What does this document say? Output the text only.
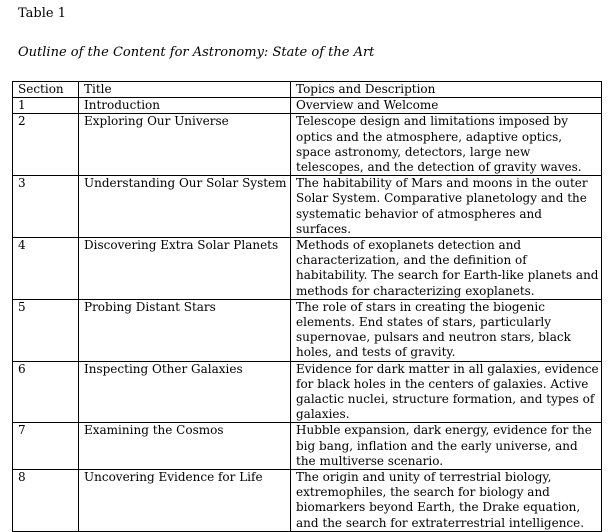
Table 1
Outline of the Content for Astronomy: State of the Art
Section	Title	Topics and Description
1	Introduction	Overview and Welcome
2	Exploring Our Universe	Telescope design and limitations imposed by optics and the atmosphere, adaptive optics, space astronomy, detectors, large new telescopes, and the detection of gravity waves.
3	Understanding Our Solar System	The habitability of Mars and moons in the outer Solar System. Comparative planetology and the systematic behavior of atmospheres and surfaces.
4	Discovering Extra Solar Planets	Methods of exoplanets detection and characterization, and the definition of habitability. The search for Earth-like planets and methods for characterizing exoplanets.
5	Probing Distant Stars	The role of stars in creating the biogenic elements. End states of stars, particularly supernovae, pulsars and neutron stars, black holes, and tests of gravity.
6	Inspecting Other Galaxies	Evidence for dark matter in all galaxies, evidence for black holes in the centers of galaxies. Active galactic nuclei, structure formation, and types of galaxies.
7	Examining the Cosmos	Hubble expansion, dark energy, evidence for the big bang, inflation and the early universe, and the multiverse scenario.
8	Uncovering Evidence for Life	The origin and unity of terrestrial biology, extremophiles, the search for biology and biomarkers beyond Earth, the Drake equation, and the search for extraterrestrial intelligence.
